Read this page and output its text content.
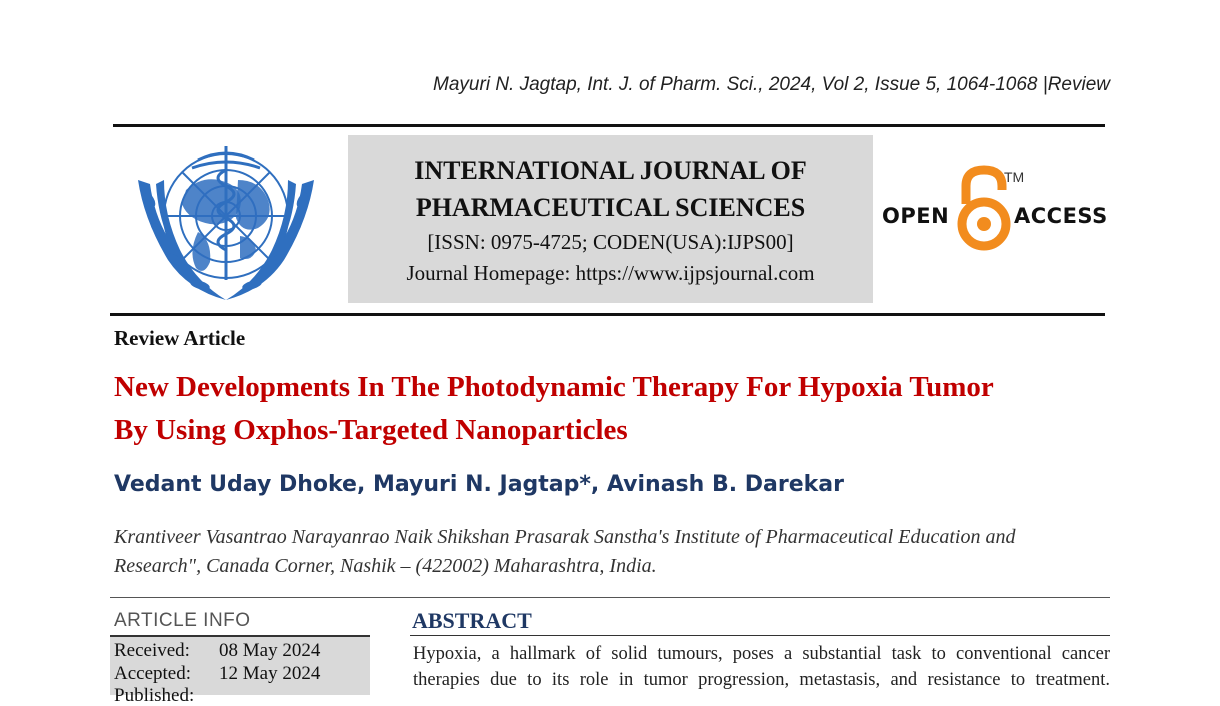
Mayuri N. Jagtap, Int. J. of Pharm. Sci., 2024, Vol 2, Issue 5, 1064-1068 |Review
INTERNATIONAL JOURNAL OF
PHARMACEUTICAL SCIENCES
[ISSN: 0975-4725; CODEN(USA):IJPS00]
Journal Homepage: https://www.ijpsjournal.com
OPEN
TM
ACCESS
Review Article
New Developments In The Photodynamic Therapy For Hypoxia Tumor
By Using Oxphos-Targeted Nanoparticles
Vedant Uday Dhoke, Mayuri N. Jagtap*, Avinash B. Darekar
Krantiveer Vasantrao Narayanrao Naik Shikshan Prasarak Sanstha's Institute of Pharmaceutical Education and
Research", Canada Corner, Nashik – (422002) Maharashtra, India.
ARTICLE INFO
Received: 08 May 2024
Accepted: 12 May 2024
Published:
ABSTRACT
Hypoxia, a hallmark of solid tumours, poses a substantial task to conventional cancer
therapies due to its role in tumor progression, metastasis, and resistance to treatment.
